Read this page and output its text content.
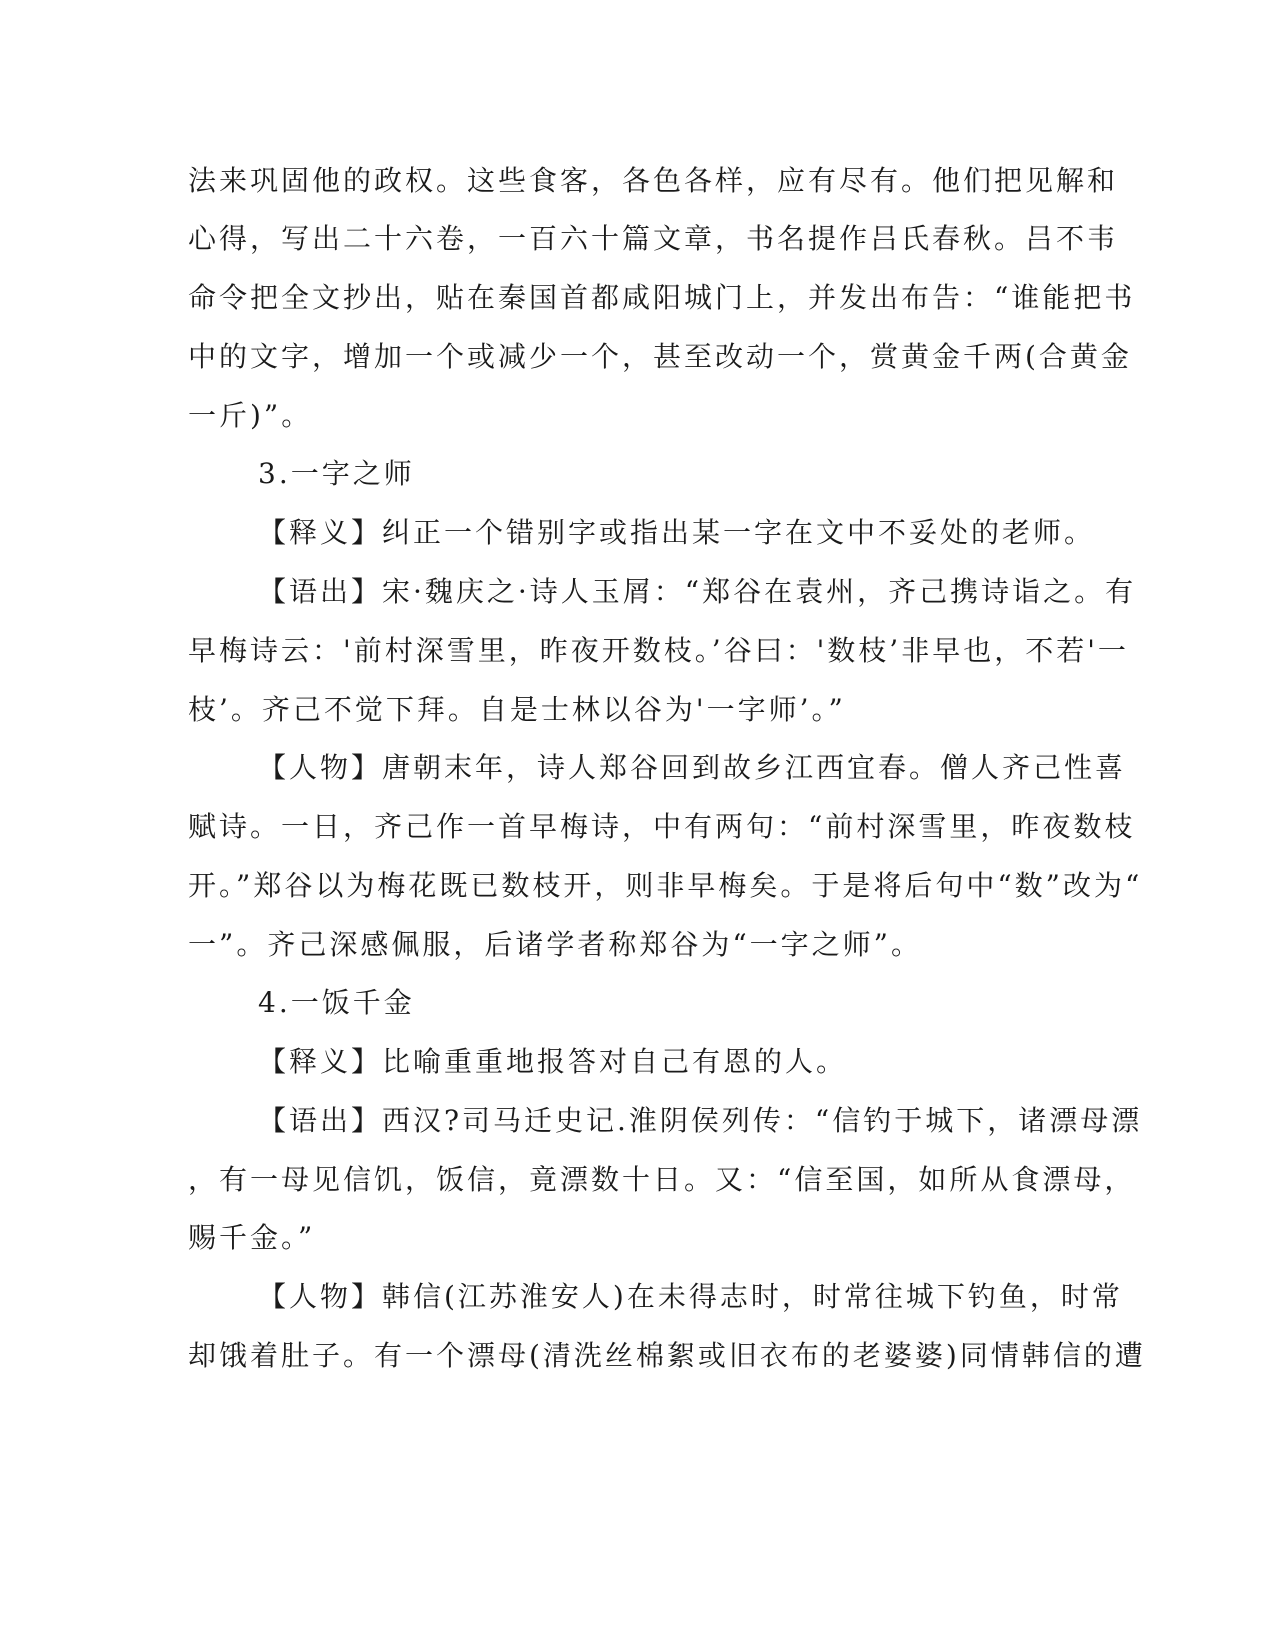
法来巩固他的政权。这些食客，各色各样，应有尽有。他们把见解和
心得，写出二十六卷，一百六十篇文章，书名提作吕氏春秋。吕不韦
命令把全文抄出，贴在秦国首都咸阳城门上，并发出布告：“谁能把书
中的文字，增加一个或减少一个，甚至改动一个，赏黄金千两(合黄金
一斤)”。
3.一字之师
【释义】纠正一个错别字或指出某一字在文中不妥处的老师。
【语出】宋·魏庆之·诗人玉屑：“郑谷在袁州，齐己携诗诣之。有
早梅诗云：'前村深雪里，昨夜开数枝。’谷曰：'数枝’非早也，不若'一
枝’。齐己不觉下拜。自是士林以谷为'一字师’。”
【人物】唐朝末年，诗人郑谷回到故乡江西宜春。僧人齐己性喜
赋诗。一日，齐己作一首早梅诗，中有两句：“前村深雪里，昨夜数枝
开。”郑谷以为梅花既已数枝开，则非早梅矣。于是将后句中“数”改为“
一”。齐己深感佩服，后诸学者称郑谷为“一字之师”。
4.一饭千金
【释义】比喻重重地报答对自己有恩的人。
【语出】西汉?司马迁史记.淮阴侯列传：“信钓于城下，诸漂母漂
，有一母见信饥，饭信，竟漂数十日。又：“信至国，如所从食漂母，
赐千金。”
【人物】韩信(江苏淮安人)在未得志时，时常往城下钓鱼，时常
却饿着肚子。有一个漂母(清洗丝棉絮或旧衣布的老婆婆)同情韩信的遭
